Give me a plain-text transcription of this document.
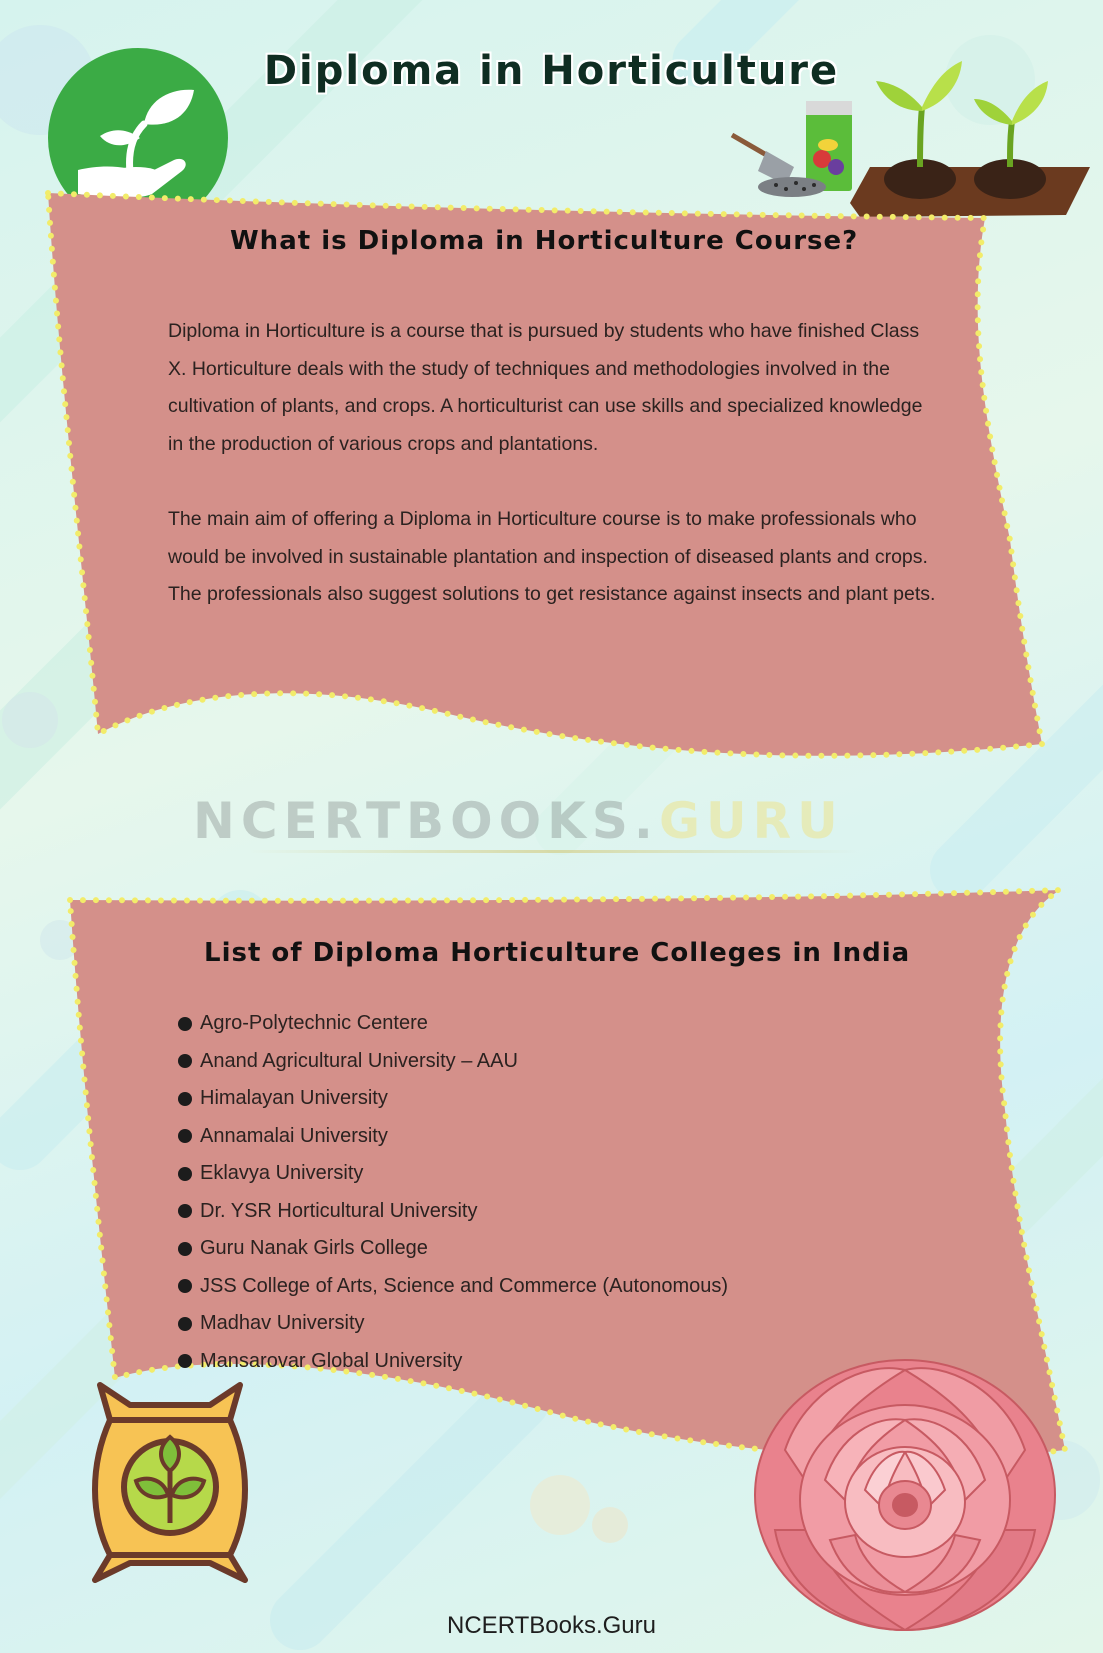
Diploma in Horticulture
What is Diploma in Horticulture Course?

Diploma in Horticulture is a course that is pursued by students who have finished Class X. Horticulture deals with the study of techniques and methodologies involved in the cultivation of plants, and crops. A horticulturist can use skills and specialized knowledge in the production of various crops and plantations.

The main aim of offering a Diploma in Horticulture course is to make professionals who would be involved in sustainable plantation and inspection of diseased plants and crops. The professionals also suggest solutions to get resistance against insects and plant pets.

NCERTBOOKS.GURU
List of Diploma Horticulture Colleges in India
Agro-Polytechnic Centere
Anand Agricultural University – AAU
Himalayan University
Annamalai University
Eklavya University
Dr. YSR Horticultural University
Guru Nanak Girls College
JSS College of Arts, Science and Commerce (Autonomous)
Madhav University
Mansarovar Global University
NCERTBooks.Guru
